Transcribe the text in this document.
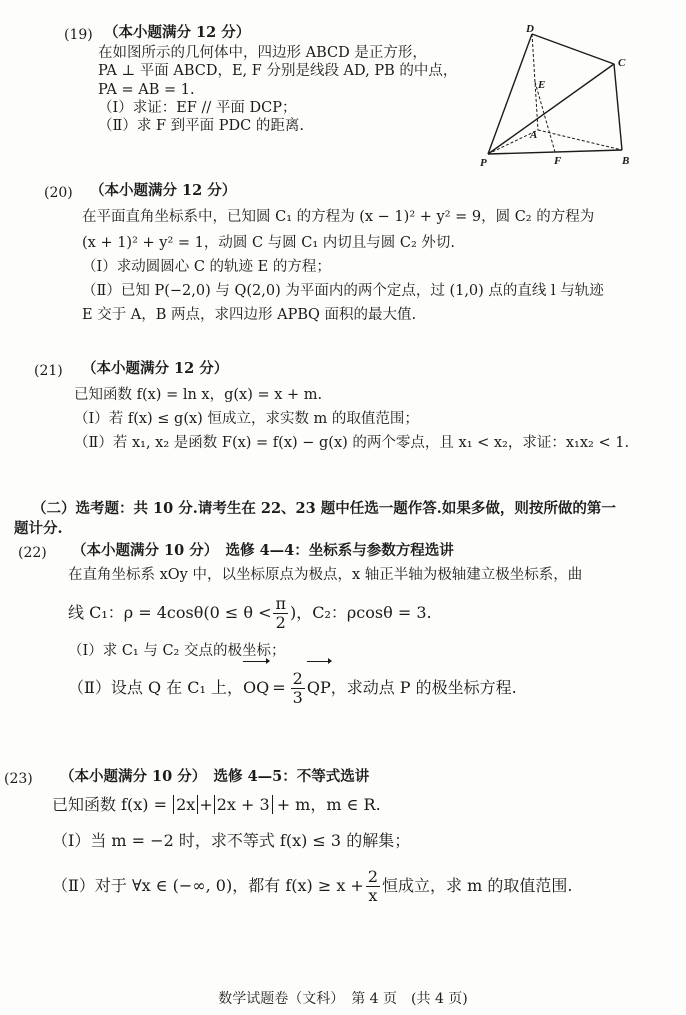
(19) （本小题满分 12 分）
在如图所示的几何体中，四边形 ABCD 是正方形，
PA ⊥ 平面 ABCD，E, F 分别是线段 AD, PB 的中点，
PA = AB = 1.
（Ⅰ）求证：EF // 平面 DCP；
（Ⅱ）求 F 到平面 PDC 的距离.
D
C
E
A
P	F	B
(20) （本小题满分 12 分）
在平面直角坐标系中，已知圆 C₁ 的方程为 (x − 1)² + y² = 9，圆 C₂ 的方程为
(x + 1)² + y² = 1，动圆 C 与圆 C₁ 内切且与圆 C₂ 外切.
（Ⅰ）求动圆圆心 C 的轨迹 E 的方程；
（Ⅱ）已知 P(−2,0) 与 Q(2,0) 为平面内的两个定点，过 (1,0) 点的直线 l 与轨迹
E 交于 A，B 两点，求四边形 APBQ 面积的最大值.
(21) （本小题满分 12 分）
已知函数 f(x) = ln x，g(x) = x + m.
（Ⅰ）若 f(x) ≤ g(x) 恒成立，求实数 m 的取值范围；
（Ⅱ）若 x₁, x₂ 是函数 F(x) = f(x) − g(x) 的两个零点，且 x₁ < x₂，求证：x₁x₂ < 1.
（二）选考题：共 10 分.请考生在 22、23 题中任选一题作答.如果多做，则按所做的第一
题计分.
(22) （本小题满分 10 分）　选修 4—4：坐标系与参数方程选讲
在直角坐标系 xOy 中，以坐标原点为极点，x 轴正半轴为极轴建立极坐标系，曲
线 C₁：$\rho = 4\cos\theta(0 \le \theta < \frac{\pi}{2}$ )，C₂：ρcosθ = 3.
（Ⅰ）求 C₁ 与 C₂ 交点的极坐标；
（Ⅱ）设点 Q 在 C₁ 上，OQ = $\frac{2}{3}$ QP，求动点 P 的极坐标方程.
(23) （本小题满分 10 分）　选修 4—5：不等式选讲
已知函数 f(x) = 2x + 2x + 3 + m，m ∈ R.
（Ⅰ）当 m = −2 时，求不等式 f(x) ≤ 3 的解集；
（Ⅱ）对于 ∀x ∈ (−∞, 0)，都有 $f(x) \ge x + \frac{2}{x}$ 恒成立，求 m 的取值范围.
数学试题卷（文科）　第 4 页　(共 4 页)
